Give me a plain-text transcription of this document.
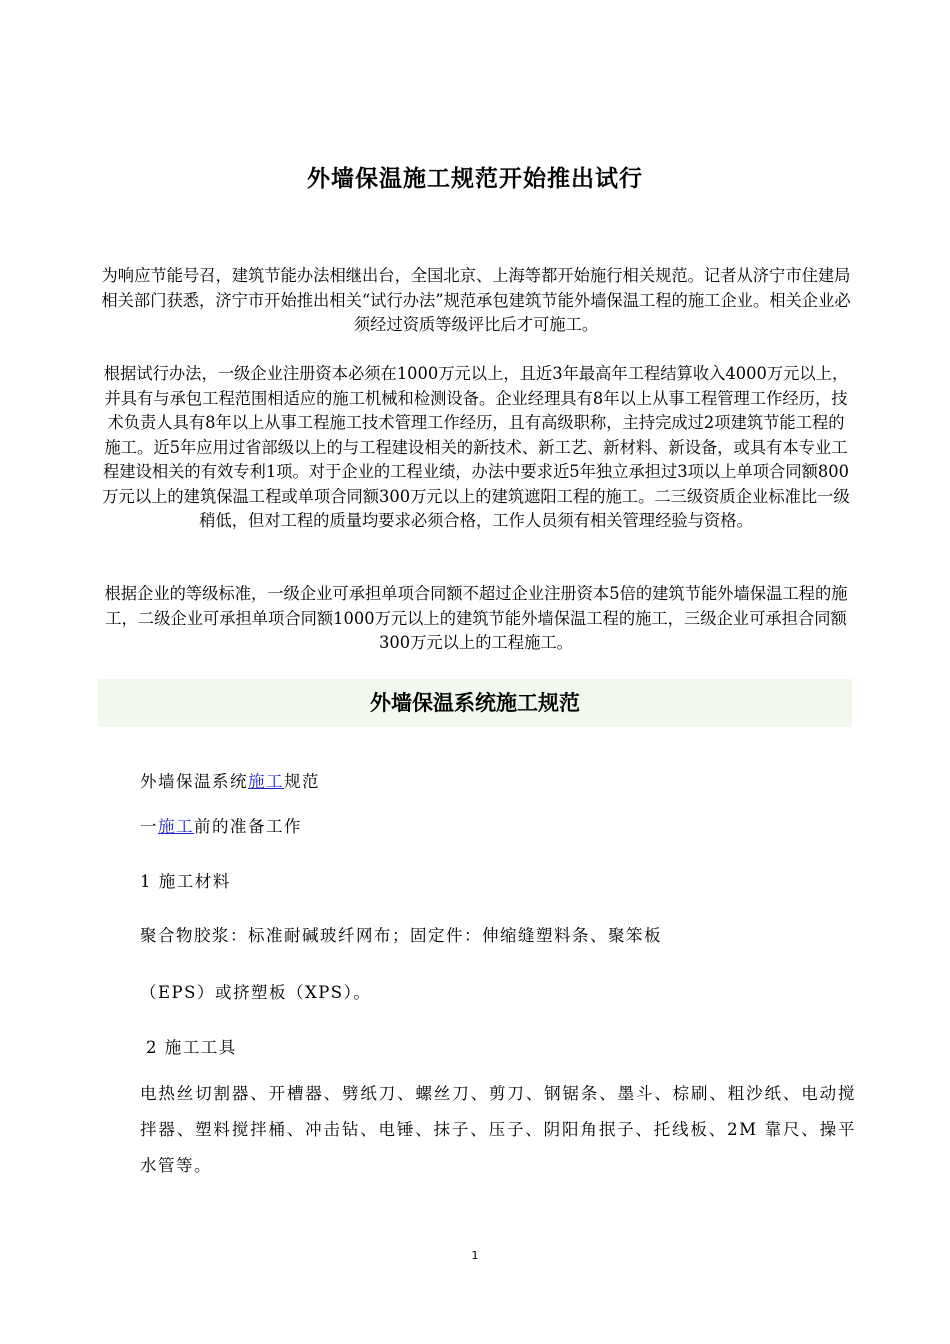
外墙保温施工规范开始推出试行

为响应节能号召，建筑节能办法相继出台，全国北京、上海等都开始施行相关规范。记者从济宁市住建局相关部门获悉，济宁市开始推出相关“试行办法”规范承包建筑节能外墙保温工程的施工企业。相关企业必须经过资质等级评比后才可施工。

根据试行办法，一级企业注册资本必须在1000万元以上，且近3年最高年工程结算收入4000万元以上，并具有与承包工程范围相适应的施工机械和检测设备。企业经理具有8年以上从事工程管理工作经历，技术负责人具有8年以上从事工程施工技术管理工作经历，且有高级职称，主持完成过2项建筑节能工程的施工。近5年应用过省部级以上的与工程建设相关的新技术、新工艺、新材料、新设备，或具有本专业工程建设相关的有效专利1项。对于企业的工程业绩，办法中要求近5年独立承担过3项以上单项合同额800万元以上的建筑保温工程或单项合同额300万元以上的建筑遮阳工程的施工。二三级资质企业标准比一级稍低，但对工程的质量均要求必须合格，工作人员须有相关管理经验与资格。

根据企业的等级标准，一级企业可承担单项合同额不超过企业注册资本5倍的建筑节能外墙保温工程的施工，二级企业可承担单项合同额1000万元以上的建筑节能外墙保温工程的施工，三级企业可承担合同额300万元以上的工程施工。

外墙保温系统施工规范

外墙保温系统施工规范

一施工前的准备工作

1 施工材料

聚合物胶浆：标准耐碱玻纤网布；固定件：伸缩缝塑料条、聚笨板

（EPS）或挤塑板（XPS）。

2 施工工具

电热丝切割器、开槽器、劈纸刀、螺丝刀、剪刀、钢锯条、墨斗、棕刷、粗沙纸、电动搅拌器、塑料搅拌桶、冲击钻、电锤、抹子、压子、阴阳角抿子、托线板、2M 靠尺、操平水管等。

1
